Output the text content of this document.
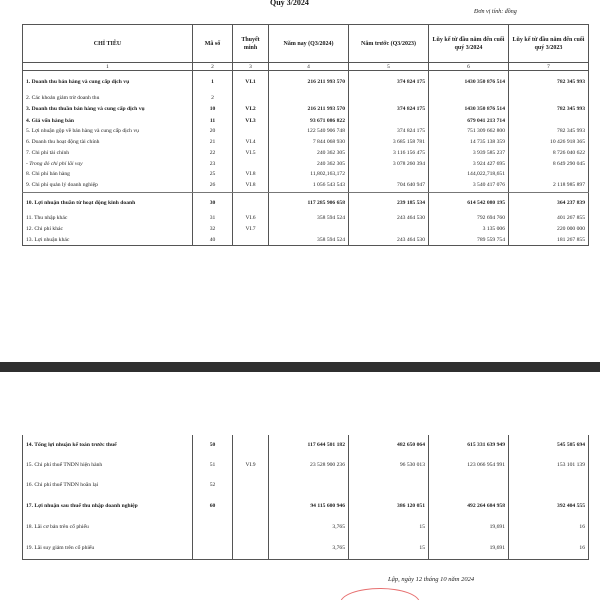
Quý 3/2024
Đơn vị tính: đồng
CHỈ TIÊU	Mã số	Thuyết minh	Năm nay (Q3/2024)	Năm trước (Q3/2023)	Lũy kế từ đầu năm đến cuối quý 3/2024	Lũy kế từ đầu năm đến cuối quý 3/2023
1	2	3	4	5	6	7
1. Doanh thu bán hàng và cung cấp dịch vụ	1	VI.1	216 211 993 570	374 824 175	1430 350 876 514	782 345 993
2. Các khoản giảm trừ doanh thu	2					
3. Doanh thu thuần bán hàng và cung cấp dịch vụ	10	VI.2	216 211 993 570	374 824 175	1430 350 876 514	782 345 993
4. Giá vốn hàng bán	11	VI.3	93 671 086 822		679 041 213 714	
5. Lợi nhuận gộp về bán hàng và cung cấp dịch vụ	20		122 540 906 748	374 824 175	751 309 662 800	782 345 993
6. Doanh thu hoạt động tài chính	21	VI.4	7 844 068 930	3 685 158 781	14 735 138 359	10 426 918 365
7. Chi phí tài chính	22	VI.5	240 362 305	3 116 156 475	3 939 585 237	8 726 040 622
- Trong đó chi phí lãi vay	23		240 362 305	3 078 260 394	3 924 427 695	8 649 290 045
8. Chi phí bán hàng	25	VI.8	11,802,163,172		144,022,718,651	
9. Chi phí quản lý doanh nghiệp	26	VI.8	1 056 543 543	704 640 947	3 540 417 076	2 118 985 897
10. Lợi nhuận thuần từ hoạt động kinh doanh	30		117 285 906 658	239 185 534	614 542 080 195	364 237 839
11. Thu nhập khác	31	VI.6	358 594 524	243 464 530	792 694 760	401 267 855
12. Chi phí khác	32	VI.7			3 135 006	220 000 000
13. Lợi nhuận khác	40		358 594 524	243 464 530	789 559 754	181 267 855
14. Tổng lợi nhuận kế toán trước thuế	50		117 644 501 182	482 650 064	615 331 639 949	545 505 694
15. Chi phí thuế TNDN hiện hành	51	VI.9	23 528 900 236	96 530 013	123 066 954 991	153 101 139
16. Chi phí thuế TNDN hoãn lại	52					
17. Lợi nhuận sau thuế thu nhập doanh nghiệp	60		94 115 600 946	386 120 051	492 264 684 958	392 404 555
18. Lãi cơ bản trên cổ phiếu			3,765	15	19,691	16
19. Lãi suy giảm trên cổ phiếu			3,765	15	19,691	16
Lập, ngày 12 tháng 10 năm 2024
